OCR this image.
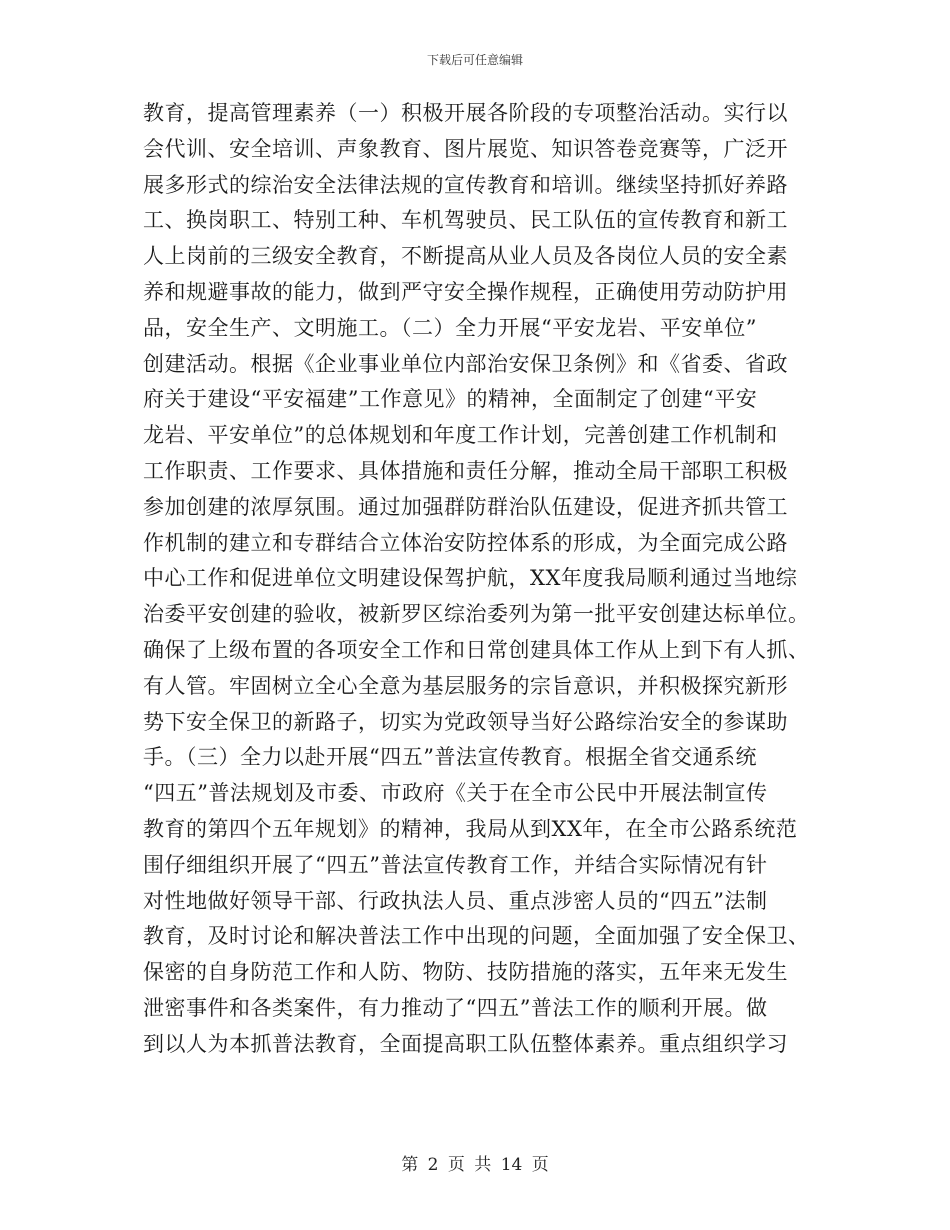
下载后可任意编辑
教育，提高管理素养（一）积极开展各阶段的专项整治活动。实行以
会代训、安全培训、声象教育、图片展览、知识答卷竞赛等，广泛开
展多形式的综治安全法律法规的宣传教育和培训。继续坚持抓好养路
工、换岗职工、特别工种、车机驾驶员、民工队伍的宣传教育和新工
人上岗前的三级安全教育，不断提高从业人员及各岗位人员的安全素
养和规避事故的能力，做到严守安全操作规程，正确使用劳动防护用
品，安全生产、文明施工。（二）全力开展“平安龙岩、平安单位”
创建活动。根据《企业事业单位内部治安保卫条例》和《省委、省政
府关于建设“平安福建”工作意见》的精神，全面制定了创建“平安
龙岩、平安单位”的总体规划和年度工作计划，完善创建工作机制和
工作职责、工作要求、具体措施和责任分解，推动全局干部职工积极
参加创建的浓厚氛围。通过加强群防群治队伍建设，促进齐抓共管工
作机制的建立和专群结合立体治安防控体系的形成，为全面完成公路
中心工作和促进单位文明建设保驾护航，XX年度我局顺利通过当地综
治委平安创建的验收，被新罗区综治委列为第一批平安创建达标单位。
确保了上级布置的各项安全工作和日常创建具体工作从上到下有人抓、
有人管。牢固树立全心全意为基层服务的宗旨意识，并积极探究新形
势下安全保卫的新路子，切实为党政领导当好公路综治安全的参谋助
手。（三）全力以赴开展“四五”普法宣传教育。根据全省交通系统
“四五”普法规划及市委、市政府《关于在全市公民中开展法制宣传
教育的第四个五年规划》的精神，我局从到XX年，在全市公路系统范
围仔细组织开展了“四五”普法宣传教育工作，并结合实际情况有针
对性地做好领导干部、行政执法人员、重点涉密人员的“四五”法制
教育，及时讨论和解决普法工作中出现的问题，全面加强了安全保卫、
保密的自身防范工作和人防、物防、技防措施的落实，五年来无发生
泄密事件和各类案件，有力推动了“四五”普法工作的顺利开展。做
到以人为本抓普法教育，全面提高职工队伍整体素养。重点组织学习
第 2 页 共 14 页
